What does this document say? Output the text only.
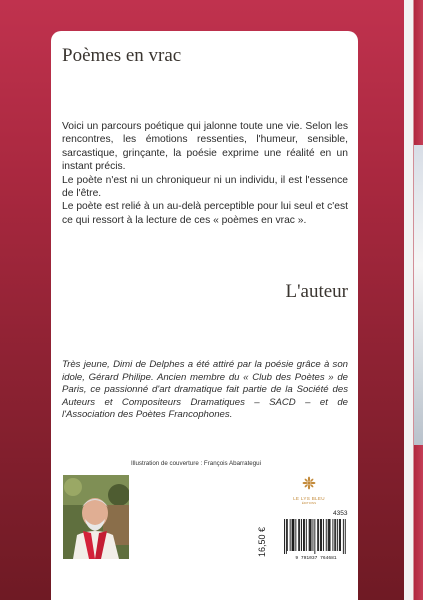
Poèmes en vrac

Voici un parcours poétique qui jalonne toute une vie. Selon les rencontres, les émotions ressenties, l'humeur, sensible, sarcastique, grinçante, la poésie exprime une réalité en un instant précis.

Le poète n'est ni un chroniqueur ni un individu, il est l'essence de l'être.

Le poète est relié à un au-delà perceptible pour lui seul et c'est ce qui ressort à la lecture de ces « poèmes en vrac ».

L'auteur
Très jeune, Dimi de Delphes a été attiré par la poésie grâce à son idole, Gérard Philipe. Ancien membre du « Club des Poètes » de Paris, ce passionné d'art dramatique fait partie de la Société des Auteurs et Compositeurs Dramatiques – SACD – et de l'Association des Poètes Francophones.
Illustration de couverture : François Abarrategui
LE LYS BLEU
ÉDITIONS
4353
16,50 €
9 791037 764681
